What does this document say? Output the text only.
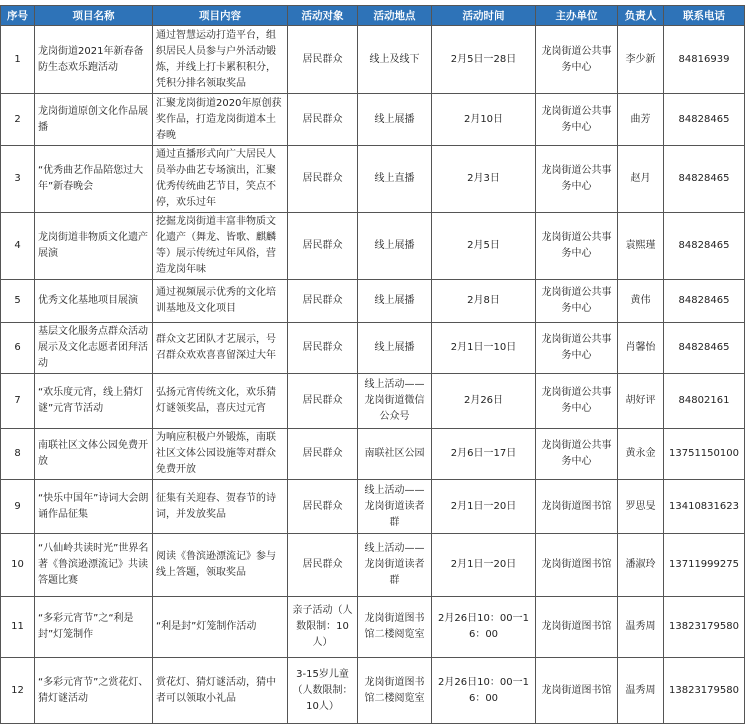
序号	项目名称	项目内容	活动对象	活动地点	活动时间	主办单位	负责人	联系电话
1	龙岗街道2021年新春备防生态欢乐跑活动	通过智慧运动打造平台，组织居民人员参与户外活动锻炼，并线上打卡累积积分，凭积分排名领取奖品	居民群众	线上及线下	2月5日一28日	龙岗街道公共事务中心	李少新	84816939
2	龙岗街道原创文化作品展播	汇聚龙岗街道2020年原创获奖作品，打造龙岗街道本土春晚	居民群众	线上展播	2月10日	龙岗街道公共事务中心	曲芳	84828465
3	“优秀曲艺作品陪您过大年”新春晚会	通过直播形式向广大居民人员举办曲艺专场演出，汇聚优秀传统曲艺节目，笑点不停，欢乐过年	居民群众	线上直播	2月3日	龙岗街道公共事务中心	赵月	84828465
4	龙岗街道非物质文化遗产展演	挖掘龙岗街道丰富非物质文化遗产（舞龙、皆歌、麒麟等）展示传统过年风俗，营造龙岗年味	居民群众	线上展播	2月5日	龙岗街道公共事务中心	袁熙瑾	84828465
5	优秀文化基地项目展演	通过视频展示优秀的文化培训基地及文化项目	居民群众	线上展播	2月8日	龙岗街道公共事务中心	黄伟	84828465
6	基层文化服务点群众活动展示及文化志愿者团拜活动	群众文艺团队才艺展示，号召群众欢欢喜喜留深过大年	居民群众	线上展播	2月1日一10日	龙岗街道公共事务中心	肖馨怡	84828465
7	“欢乐度元宵，线上猜灯谜”元宵节活动	弘扬元宵传统文化，欢乐猜灯谜领奖品，喜庆过元宵	居民群众	线上活动——龙岗街道微信公众号	2月26日	龙岗街道公共事务中心	胡好评	84802161
8	南联社区文体公园免费开放	为响应积极户外锻炼，南联社区文体公园设施等对群众免费开放	居民群众	南联社区公园	2月6日一17日	龙岗街道公共事务中心	黄永金	13751150100
9	“快乐中国年”诗词大会朗诵作品征集	征集有关迎春、贺春节的诗词，并发放奖品	居民群众	线上活动——龙岗街道读者群	2月1日一20日	龙岗街道图书馆	罗思旻	13410831623
10	“八仙岭共读时光”世界名著《鲁滨逊漂流记》共读答题比赛	阅读《鲁滨逊漂流记》参与线上答题，领取奖品	居民群众	线上活动——龙岗街道读者群	2月1日一20日	龙岗街道图书馆	潘淑玲	13711999275
11	“多彩元宵节”之“利是封”灯笼制作	“利是封”灯笼制作活动	亲子活动（人数限制：10人）	龙岗街道图书馆二楼阅览室	2月26日10：00一16：00	龙岗街道图书馆	温秀周	13823179580
12	“多彩元宵节”之赏花灯、猜灯谜活动	赏花灯、猜灯谜活动，猜中者可以领取小礼品	3-15岁儿童（人数限制：10人）	龙岗街道图书馆二楼阅览室	2月26日10：00一16：00	龙岗街道图书馆	温秀周	13823179580
